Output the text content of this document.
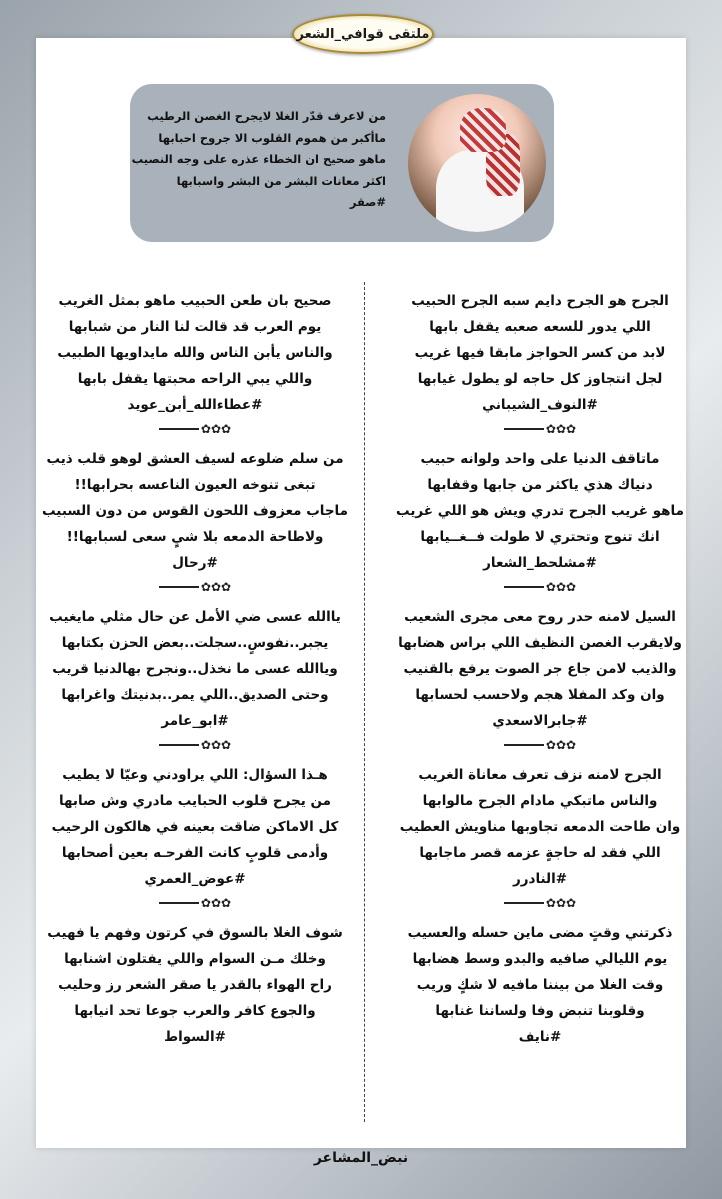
ملتقى قوافي_الشعر
من لاعرف قدّر الغلا لايجرح الغصن الرطيب
ماأكبر من هموم القلوب الا جروح احبابها
ماهو صحيح ان الخطاء عذره على وجه النصيب
اكثر معانات البشر من البشر واسبابها
#صقر
الجرح هو الجرح دايم سبه الجرح الحبيب
اللي يدور للسعه صعبه يقفل بابها
لابد من كسر الحواجز مابقا فيها غريب
لجل انتجاوز كل حاجه لو يطول غيابها
#النوف_الشيباني
✿✿✿
ماتاقف الدنيا على واحد ولوانه حبيب
دنياك هذي ياكثر من جابها وقفابها
ماهو غريب الجرح تدري ويش هو اللي غريب
انك تنوح وتحتري لا طولت فــغــيابها
#مشلحط_الشعار
✿✿✿
السيل لامنه حدر روح معى مجرى الشعيب
ولايقرب الغصن النظيف اللي براس هضابها
والذيب لامن جاع جر الصوت يرفع بالقنيب
وان وكد المفلا هجم ولاحسب لحسابها
#جابرالاسعدي
✿✿✿
الجرح لامنه نزف تعرف معاناة الغريب
والناس ماتبكي مادام الجرح مالوابها
وان طاحت الدمعه تجاوبها مناويش العطيب
اللي فقد له حاجةٍ عزمه قصر ماجابها
#النادرر
✿✿✿
ذكرتني وقتٍ مضى ماين حسله والعسيب
يوم الليالي صافيه والبدو وسط هضابها
وقت الغلا من بيننا مافيه لا شكٍ وريب
وقلوبنا تنبض وفا ولساننا غنابها
#نايف
صحيح بان طعن الحبيب ماهو بمثل الغريب
يوم العرب قد قالت لنا النار من شبابها
والناس يأبن الناس والله مايداويها الطبيب
واللي يبي الراحه محبتها يقفل بابها
#عطاءالله_أبن_عويد
✿✿✿
من سلم ضلوعه لسيف العشق لوهو قلب ذيب
تبغى تنوخه العيون الناعسه بحرابها!!
ماجاب معزوف اللحون القوس من دون السبيب
ولاطاحة الدمعه بلا شيٍ سعى لسبابها!!
#رحال
✿✿✿
ياالله عسى ضي الأمل عن حال مثلي مايغيب
يجبر..نفوسٍ..سجلت..بعض الحزن بكتابها
وياالله عسى ما نخذل..ونجرح بهالدنيا قريب
وحتى الصديق..اللي يمر..بدنيتك واغرابها
#ابو_عامر
✿✿✿
هـذا السؤال: اللي يراودني وعيّا لا يطيب
من يجرح قلوب الحبايب مادري وش صابها
كل الاماكن ضاقت بعينه في هالكون الرحيب
وأدمى قلوبٍ كانت الفرحـه بعين أصحابها
#عوض_العمري
✿✿✿
شوف الغلا بالسوق في كرتون وفهم يا فهيب
وخلك مـن السوام واللي يفتلون اشنابها
راح الهواء بالقدر يا صقر الشعر رز وحليب
والجوع كافر والعرب جوعا تحد انيابها
#السواط
نبض_المشاعر
